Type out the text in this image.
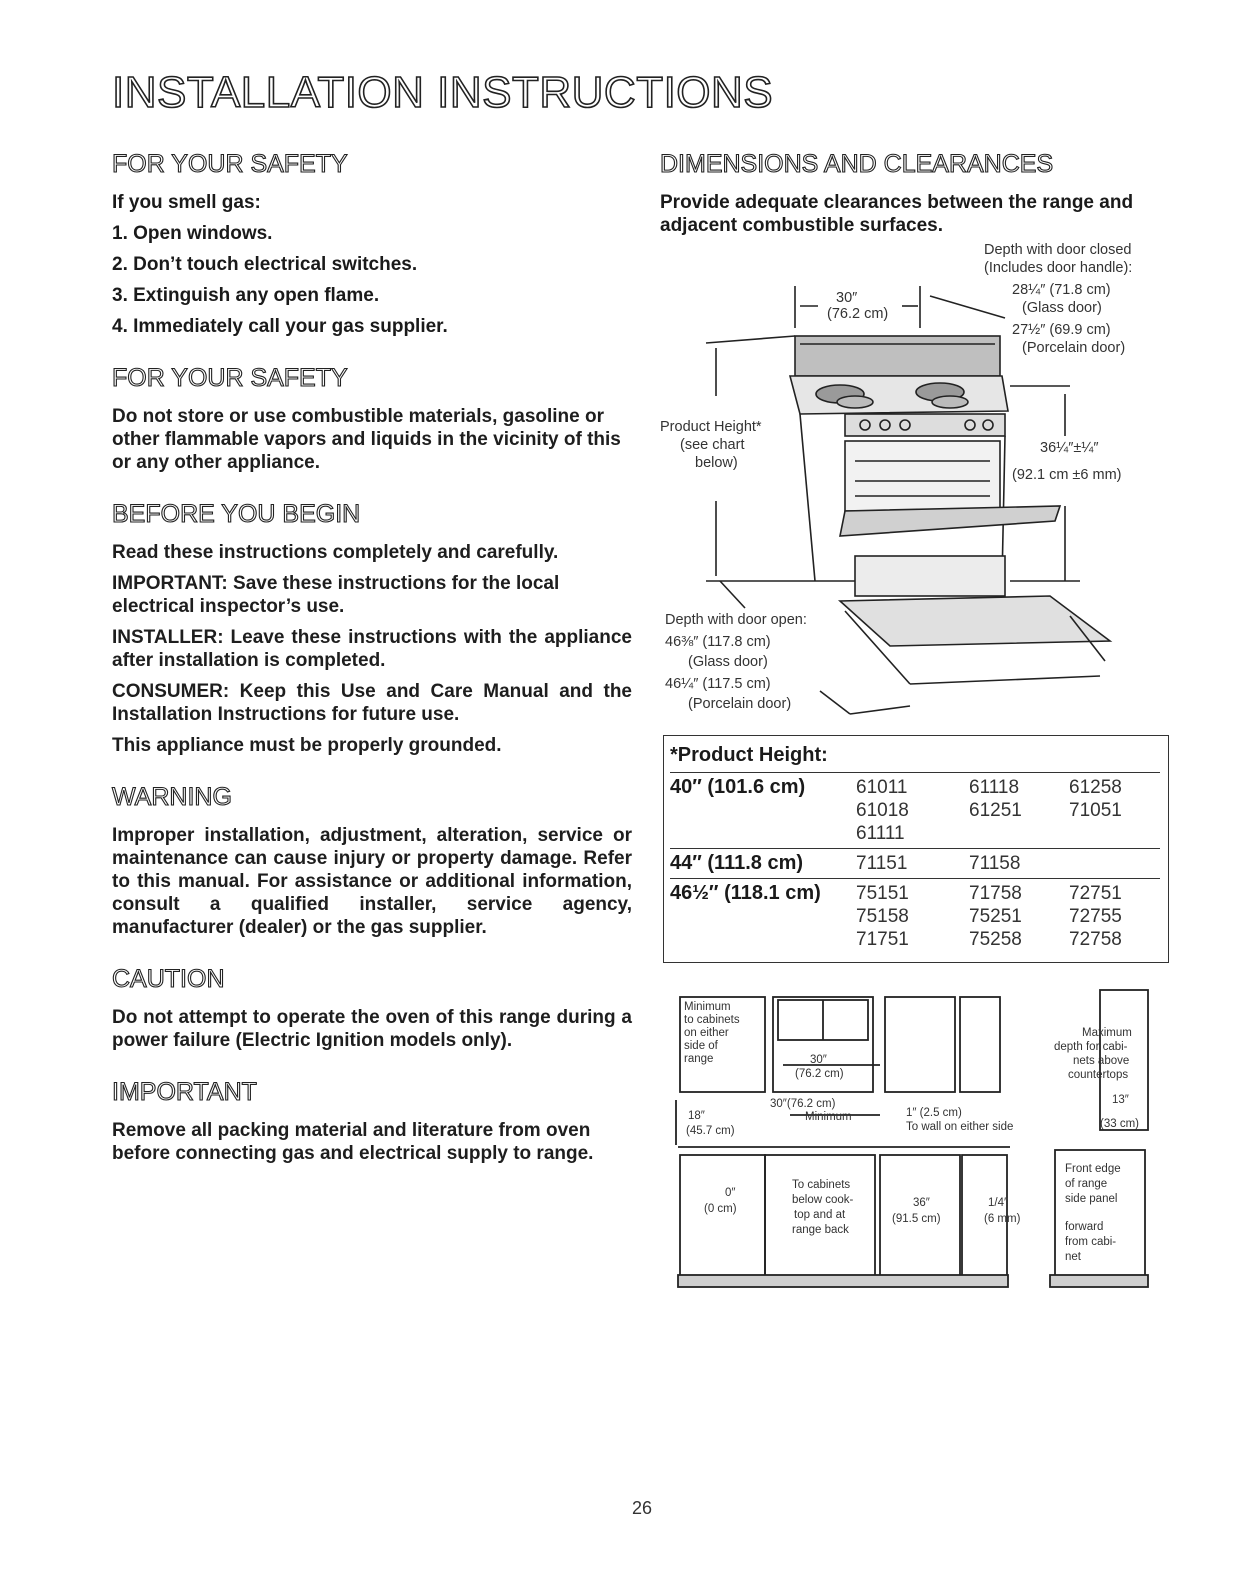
INSTALLATION INSTRUCTIONS
FOR YOUR SAFETY
If you smell gas:
1. Open windows.
2. Don’t touch electrical switches.
3. Extinguish any open flame.
4. Immediately call your gas supplier.
FOR YOUR SAFETY
Do not store or use combustible materials, gasoline or other flammable vapors and liquids in the vicinity of this or any other appliance.
BEFORE YOU BEGIN
Read these instructions completely and carefully.
IMPORTANT: Save these instructions for the local electrical inspector’s use.
INSTALLER: Leave these instructions with the appliance after installation is completed.
CONSUMER: Keep this Use and Care Manual and the Installation Instructions for future use.
This appliance must be properly grounded.
WARNING
Improper installation, adjustment, alteration, service or maintenance can cause injury or property damage. Refer to this manual. For assistance or additional information, consult a qualified installer, service agency, manufacturer (dealer) or the gas supplier.
CAUTION
Do not attempt to operate the oven of this range during a power failure (Electric Ignition models only).
IMPORTANT
Remove all packing material and literature from oven before connecting gas and electrical supply to range.
DIMENSIONS AND CLEARANCES
Provide adequate clearances between the range and adjacent combustible surfaces.
30″
(76.2 cm)
Depth with door closed
(Includes door handle):
28¼″ (71.8 cm)
(Glass door)
27½″ (69.9 cm)
(Porcelain door)
Product Height*
(see chart
below)
36¼″±¼″
(92.1 cm ±6 mm)
Depth with door open:
46⅜″ (117.8 cm)
(Glass door)
46¼″ (117.5 cm)
(Porcelain door)
*Product Height:
40″ (101.6 cm)	61011	61118	61258
61018	61251 71051
61111
44″ (111.8 cm)	71151	71158
46½″ (118.1 cm) 75151	71758 72751
75158	75251 72755
71751	75258 72758
Minimum
to cabinets
on either
side of
range	30″
(76.2 cm)
30″(76.2 cm)
Minimum
18″
(45.7 cm)
1″ (2.5 cm)
To wall on either side
Maximum
depth for cabi-
nets above
countertops
13″
(33 cm)
0″
(0 cm)
To cabinets
below cook-
top and at
range back
36″
(91.5 cm)
1/4″
(6 mm)
Front edge
of range
side panel
forward
from cabi-
net
26
